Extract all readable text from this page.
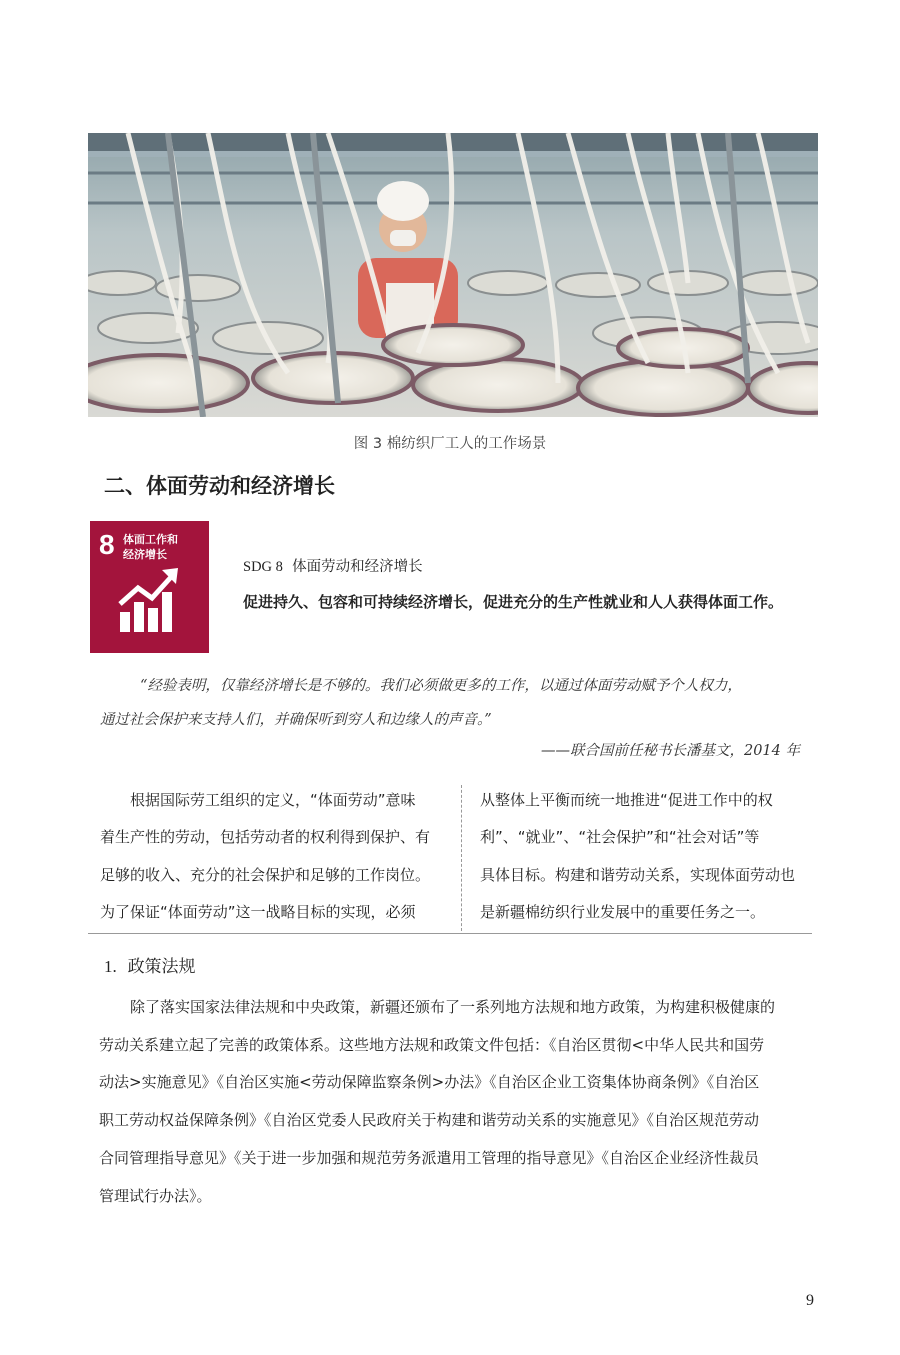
图 3 棉纺织厂工人的工作场景
二、体面劳动和经济增长
8 体面工作和
经济增长
SDG 8 体面劳动和经济增长
促进持久、包容和可持续经济增长，促进充分的生产性就业和人人获得体面工作。
“经验表明，仅靠经济增长是不够的。我们必须做更多的工作，以通过体面劳动赋予个人权力，
通过社会保护来支持人们，并确保听到穷人和边缘人的声音。”
——联合国前任秘书长潘基文，2014 年
根据国际劳工组织的定义，“体面劳动”意味
着生产性的劳动，包括劳动者的权利得到保护、有
足够的收入、充分的社会保护和足够的工作岗位。
为了保证“体面劳动”这一战略目标的实现，必须
从整体上平衡而统一地推进“促进工作中的权
利”、“就业”、“社会保护”和“社会对话”等
具体目标。构建和谐劳动关系，实现体面劳动也
是新疆棉纺织行业发展中的重要任务之一。
1. 政策法规
除了落实国家法律法规和中央政策，新疆还颁布了一系列地方法规和地方政策，为构建积极健康的
劳动关系建立起了完善的政策体系。这些地方法规和政策文件包括：《自治区贯彻<中华人民共和国劳
动法>实施意见》《自治区实施<劳动保障监察条例>办法》《自治区企业工资集体协商条例》《自治区
职工劳动权益保障条例》《自治区党委人民政府关于构建和谐劳动关系的实施意见》《自治区规范劳动
合同管理指导意见》《关于进一步加强和规范劳务派遣用工管理的指导意见》《自治区企业经济性裁员
管理试行办法》。
9
